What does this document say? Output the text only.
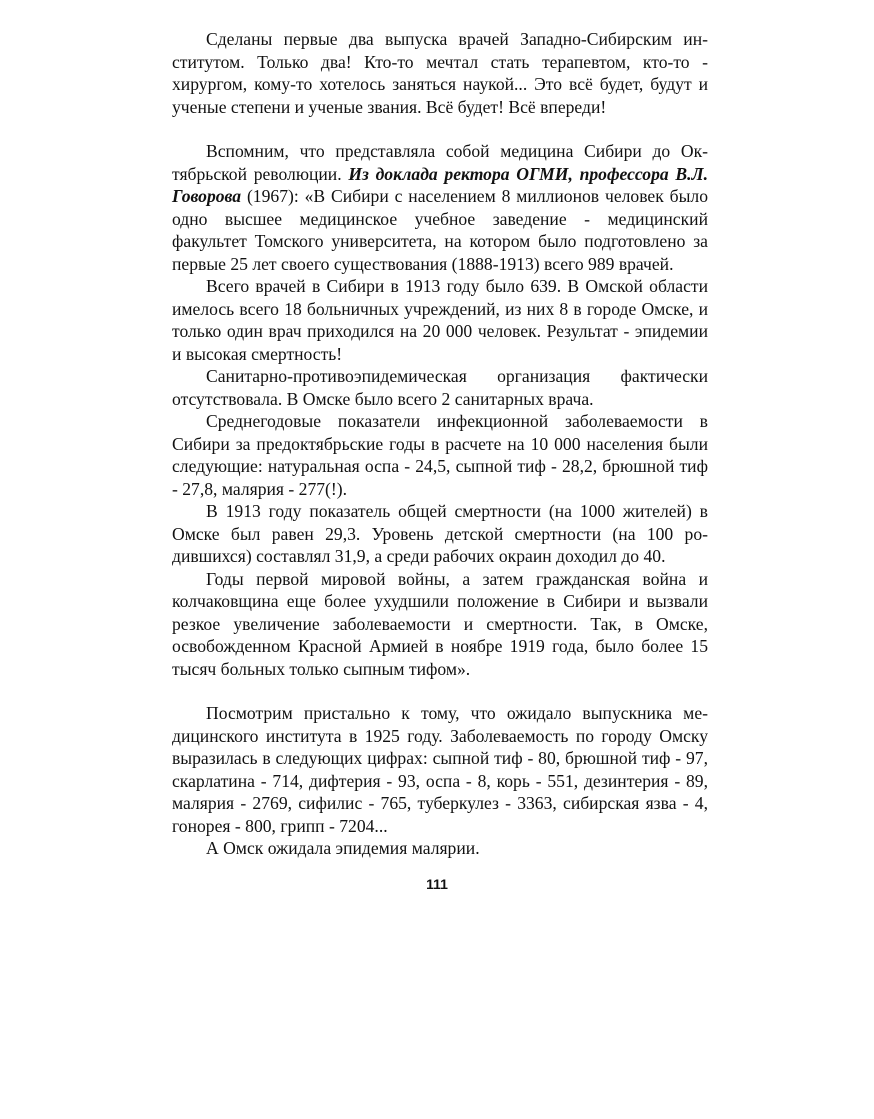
Сделаны первые два выпуска врачей Западно-Сибирским институтом. Только два! Кто-то мечтал стать терапевтом, кто-то - хирургом, кому-то хотелось заняться наукой... Это всё будет, будут и ученые степени и ученые звания. Всё будет! Всё впереди!

Вспомним, что представляла собой медицина Сибири до Октябрьской революции. Из доклада ректора ОГМИ, профессора В.Л. Говорова (1967): «В Сибири с населением 8 миллионов человек было одно высшее медицинское учебное заведение - медицинский факультет Томского университета, на котором было подготовлено за первые 25 лет своего существования (1888-1913) всего 989 врачей.

Всего врачей в Сибири в 1913 году было 639. В Омской области имелось всего 18 больничных учреждений, из них 8 в городе Омске, и только один врач приходился на 20 000 человек. Результат - эпидемии и высокая смертность!

Санитарно-противоэпидемическая организация фактически отсутствовала. В Омске было всего 2 санитарных врача.

Среднегодовые показатели инфекционной заболеваемости в Сибири за предоктябрьские годы в расчете на 10 000 населения были следующие: натуральная оспа - 24,5, сыпной тиф - 28,2, брюшной тиф - 27,8, малярия - 277(!).

В 1913 году показатель общей смертности (на 1000 жителей) в Омске был равен 29,3. Уровень детской смертности (на 100 родившихся) составлял 31,9, а среди рабочих окраин доходил до 40.

Годы первой мировой войны, а затем гражданская война и колчаковщина еще более ухудшили положение в Сибири и вызвали резкое увеличение заболеваемости и смертности. Так, в Омске, освобожденном Красной Армией в ноябре 1919 года, было более 15 тысяч больных только сыпным тифом».

Посмотрим пристально к тому, что ожидало выпускника медицинского института в 1925 году. Заболеваемость по городу Омску выразилась в следующих цифрах: сыпной тиф - 80, брюшной тиф - 97, скарлатина - 714, дифтерия - 93, оспа - 8, корь - 551, дезинтерия - 89, малярия - 2769, сифилис - 765, туберкулез - 3363, сибирская язва - 4, гонорея - 800, грипп - 7204...

А Омск ожидала эпидемия малярии.

111
